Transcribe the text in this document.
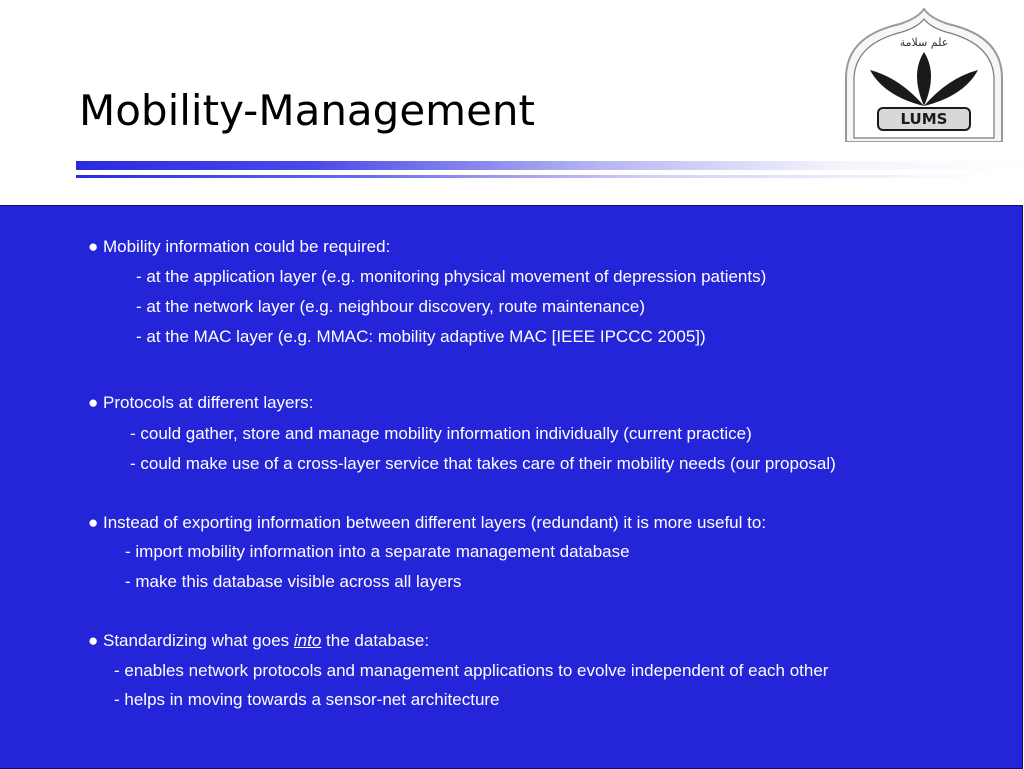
Mobility-Management
علم سلامة
LUMS
● Mobility information could be required:
- at the application layer (e.g. monitoring physical movement of depression patients)
- at the network layer (e.g. neighbour discovery, route maintenance)
- at the MAC layer (e.g. MMAC: mobility adaptive MAC [IEEE IPCCC 2005])
● Protocols at different layers:
- could gather, store and manage mobility information individually (current practice)
- could make use of a cross-layer service that takes care of their mobility needs (our proposal)
● Instead of exporting information between different layers (redundant) it is more useful to:
- import mobility information into a separate management database
- make this database visible across all layers
● Standardizing what goes into the database:
- enables network protocols and management applications to evolve independent of each other
- helps in moving towards a sensor-net architecture
